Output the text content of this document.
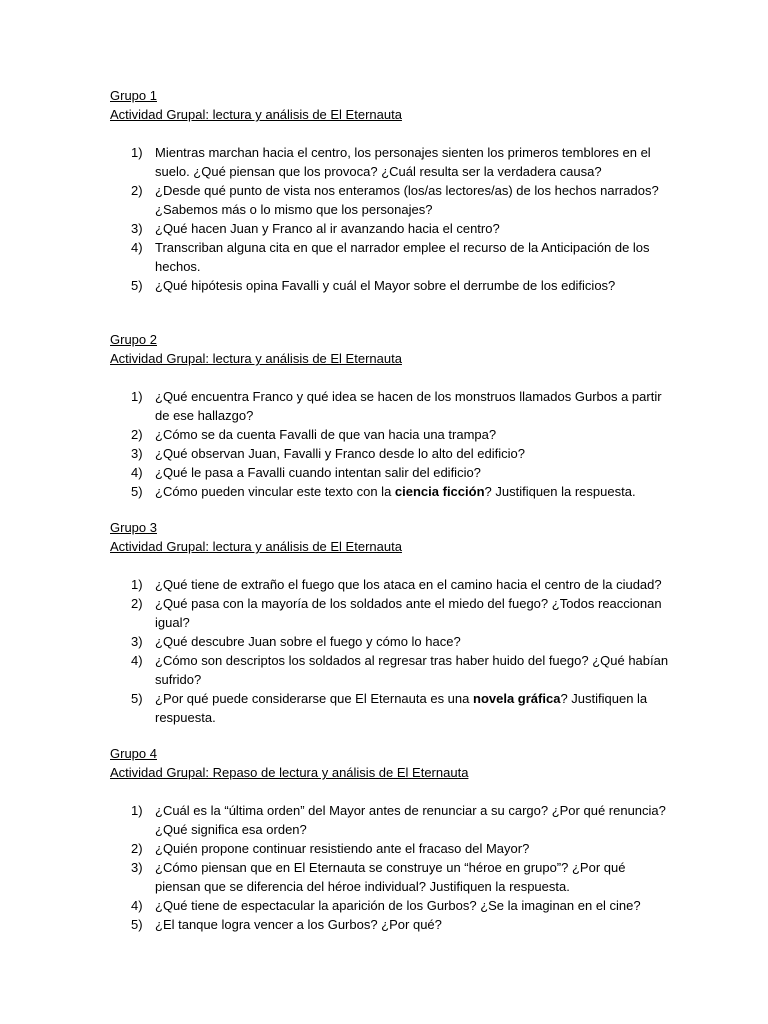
Grupo 1

Actividad Grupal: lectura y análisis de El Eternauta

1) Mientras marchan hacia el centro, los personajes sienten los primeros temblores en el suelo. ¿Qué piensan que los provoca? ¿Cuál resulta ser la verdadera causa?
2) ¿Desde qué punto de vista nos enteramos (los/as lectores/as) de los hechos narrados? ¿Sabemos más o lo mismo que los personajes?
3) ¿Qué hacen Juan y Franco al ir avanzando hacia el centro?
4) Transcriban alguna cita en que el narrador emplee el recurso de la Anticipación de los hechos.
5) ¿Qué hipótesis opina Favalli y cuál el Mayor sobre el derrumbe de los edificios?

Grupo 2

Actividad Grupal: lectura y análisis de El Eternauta

1) ¿Qué encuentra Franco y qué idea se hacen de los monstruos llamados Gurbos a partir de ese hallazgo?
2) ¿Cómo se da cuenta Favalli de que van hacia una trampa?
3) ¿Qué observan Juan, Favalli y Franco desde lo alto del edificio?
4) ¿Qué le pasa a Favalli cuando intentan salir del edificio?
5) ¿Cómo pueden vincular este texto con la ciencia ficción? Justifiquen la respuesta.

Grupo 3

Actividad Grupal: lectura y análisis de El Eternauta

1) ¿Qué tiene de extraño el fuego que los ataca en el camino hacia el centro de la ciudad?
2) ¿Qué pasa con la mayoría de los soldados ante el miedo del fuego? ¿Todos reaccionan igual?
3) ¿Qué descubre Juan sobre el fuego y cómo lo hace?
4) ¿Cómo son descriptos los soldados al regresar tras haber huido del fuego? ¿Qué habían sufrido?
5) ¿Por qué puede considerarse que El Eternauta es una novela gráfica? Justifiquen la respuesta.

Grupo 4

Actividad Grupal: Repaso de lectura y análisis de El Eternauta

1) ¿Cuál es la “última orden” del Mayor antes de renunciar a su cargo? ¿Por qué renuncia? ¿Qué significa esa orden?
2) ¿Quién propone continuar resistiendo ante el fracaso del Mayor?
3) ¿Cómo piensan que en El Eternauta se construye un “héroe en grupo”? ¿Por qué piensan que se diferencia del héroe individual? Justifiquen la respuesta.
4) ¿Qué tiene de espectacular la aparición de los Gurbos? ¿Se la imaginan en el cine?
5) ¿El tanque logra vencer a los Gurbos? ¿Por qué?
